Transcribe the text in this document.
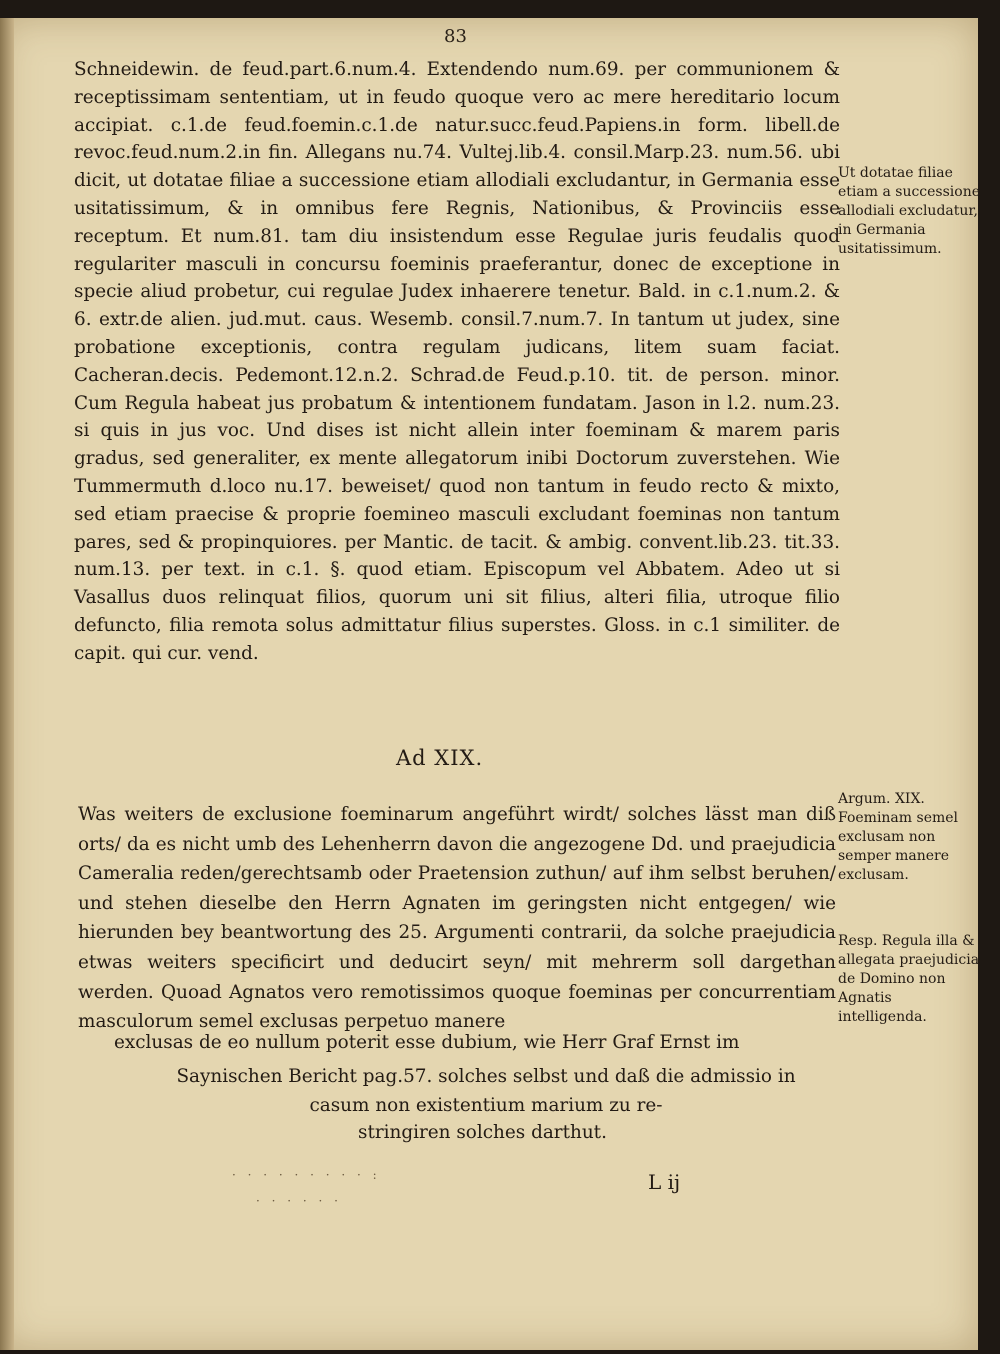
83

Schneidewin. de feud.part.6.num.4. Extendendo num.69. per communionem & receptissimam sententiam, ut in feudo quoque vero ac mere hereditario locum accipiat. c.1.de feud.foemin.c.1.de natur.succ.feud.Papiens.in form. libell.de revoc.feud.num.2.in fin. Allegans nu.74. Vultej.lib.4. consil.Marp.23. num.56. ubi dicit, ut dotatae filiae a successione etiam allodiali excludantur, in Germania esse usitatissimum, & in omnibus fere Regnis, Nationibus, & Provinciis esse receptum. Et num.81. tam diu insistendum esse Regulae juris feudalis quod regulariter masculi in concursu foeminis praeferantur, donec de exceptione in specie aliud probetur, cui regulae Judex inhaerere tenetur. Bald. in c.1.num.2. & 6. extr.de alien. jud.mut. caus. Wesemb. consil.7.num.7. In tantum ut judex, sine probatione exceptionis, contra regulam judicans, litem suam faciat. Cacheran.decis. Pedemont.12.n.2. Schrad.de Feud.p.10. tit. de person. minor. Cum Regula habeat jus probatum & intentionem fundatam. Jason in l.2. num.23. si quis in jus voc. Und dises ist nicht allein inter foeminam & marem paris gradus, sed generaliter, ex mente allegatorum inibi Doctorum zuverstehen. Wie Tummermuth d.loco nu.17. beweiset/ quod non tantum in feudo recto & mixto, sed etiam praecise & proprie foemineo masculi excludant foeminas non tantum pares, sed & propinquiores. per Mantic. de tacit. & ambig. convent.lib.23. tit.33. num.13. per text. in c.1. §. quod etiam. Episcopum vel Abbatem. Adeo ut si Vasallus duos relinquat filios, quorum uni sit filius, alteri filia, utroque filio defuncto, filia remota solus admittatur filius superstes. Gloss. in c.1 similiter. de capit. qui cur. vend.

Ad XIX.

Was weiters de exclusione foeminarum angeführt wirdt/ solches lässt man diß orts/ da es nicht umb des Lehenherrn davon die angezogene Dd. und praejudicia Cameralia reden/gerechtsamb oder Praetension zuthun/ auf ihm selbst beruhen/ und stehen dieselbe den Herrn Agnaten im geringsten nicht entgegen/ wie hierunden bey beantwortung des 25. Argumenti contrarii, da solche praejudicia etwas weiters specificirt und deducirt seyn/ mit mehrerm soll dargethan werden. Quoad Agnatos vero remotissimos quoque foeminas per concurrentiam masculorum semel exclusas perpetuo manere

exclusas de eo nullum poterit esse dubium, wie Herr Graf Ernst im
Saynischen Bericht pag.57. solches selbst und daß die admissio in casum non existentium marium zu re-
stringiren solches darthut.

Ut dotatae filiae etiam a successione allodiali excludatur, in Germania usitatissimum.

Argum. XIX. Foeminam semel exclusam non semper manere exclusam.

Resp. Regula illa & allegata praejudicia de Domino non Agnatis intelligenda.

L ij
· · · · · · · · · :
· · · · · ·
